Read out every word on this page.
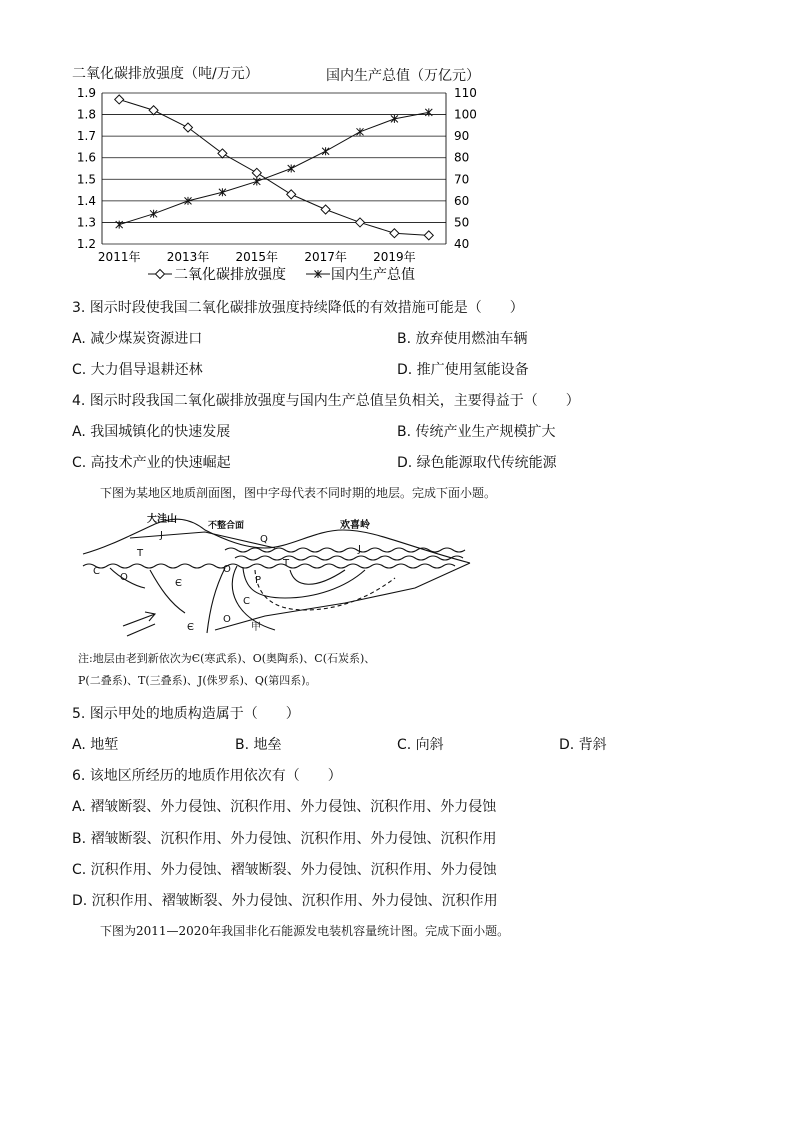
二氧化碳排放强度（吨/万元）	国内生产总值（万亿元）
1.9
1.8
1.7
1.6
1.5
1.4
1.3
1.2
110
100
90
80
70
60
50
40
2011年 2013年 2015年 2017年 2019年
二氧化碳排放强度	国内生产总值
3. 图示时段使我国二氧化碳排放强度持续降低的有效措施可能是（　　）
A. 减少煤炭资源进口	B. 放弃使用燃油车辆
C. 大力倡导退耕还林	D. 推广使用氢能设备
4. 图示时段我国二氧化碳排放强度与国内生产总值呈负相关，主要得益于（　　）
A. 我国城镇化的快速发展	B. 传统产业生产规模扩大
C. 高技术产业的快速崛起	D. 绿色能源取代传统能源
下图为某地区地质剖面图，图中字母代表不同时期的地层。完成下面小题。
大洼山
不整合面	欢喜岭
J
J
Q
T
T
C
C
O
O
O
Є
Є
P
甲
注:地层由老到新依次为Є(寒武系)、O(奥陶系)、C(石炭系)、
P(二叠系)、T(三叠系)、J(侏罗系)、Q(第四系)。
5. 图示甲处的地质构造属于（　　）
A. 地堑	B. 地垒	C. 向斜	D. 背斜
6. 该地区所经历的地质作用依次有（　　）
A. 褶皱断裂、外力侵蚀、沉积作用、外力侵蚀、沉积作用、外力侵蚀
B. 褶皱断裂、沉积作用、外力侵蚀、沉积作用、外力侵蚀、沉积作用
C. 沉积作用、外力侵蚀、褶皱断裂、外力侵蚀、沉积作用、外力侵蚀
D. 沉积作用、褶皱断裂、外力侵蚀、沉积作用、外力侵蚀、沉积作用
下图为2011—2020年我国非化石能源发电装机容量统计图。完成下面小题。
